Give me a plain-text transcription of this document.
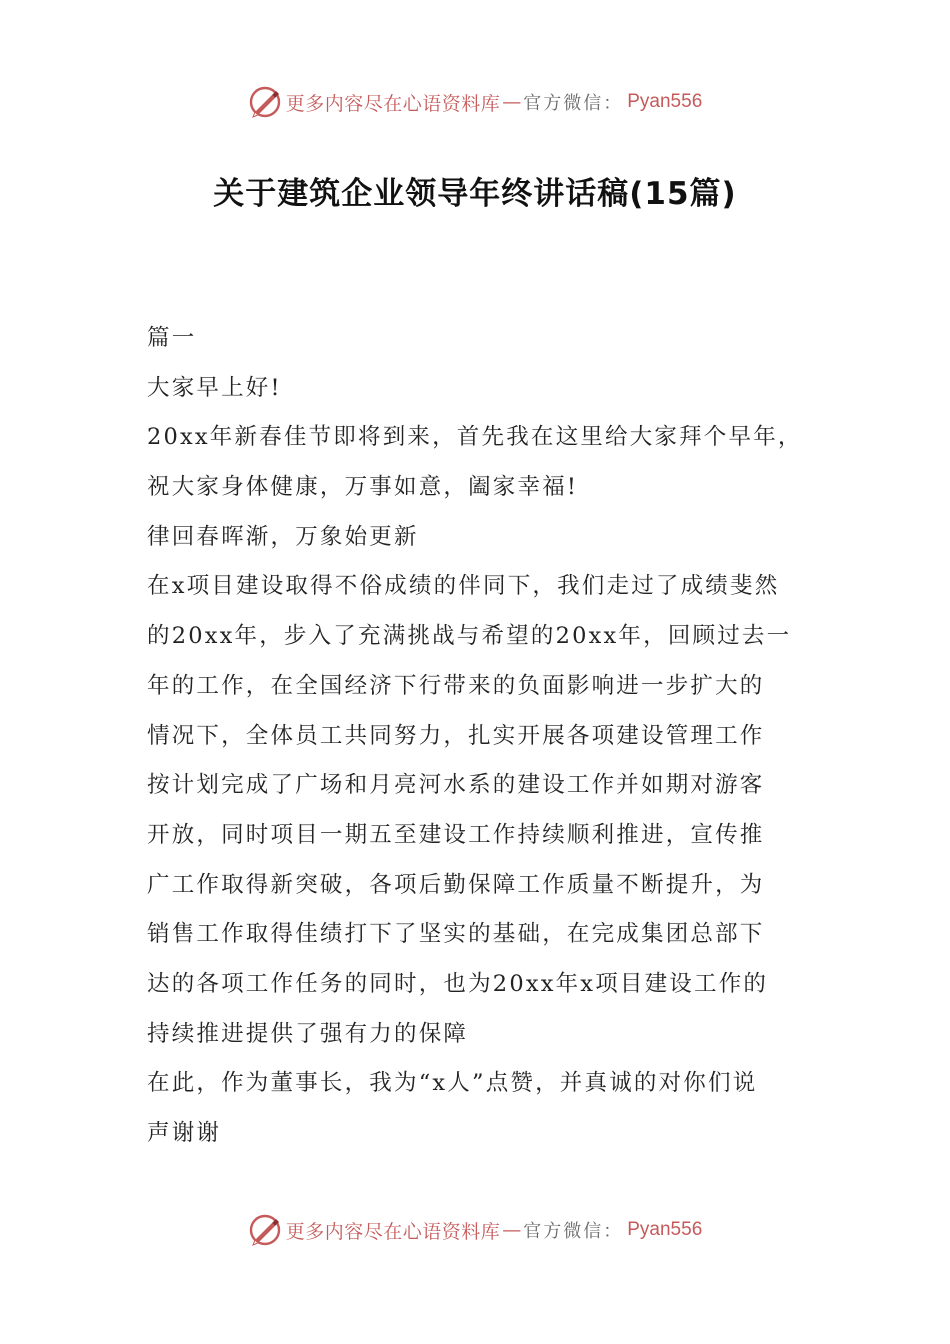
更多内容尽在心语资料库 — 官方微信： Pyan556
关于建筑企业领导年终讲话稿(15篇)
篇一
大家早上好!
20xx年新春佳节即将到来，首先我在这里给大家拜个早年，
祝大家身体健康，万事如意，阖家幸福!
律回春晖渐，万象始更新
在x项目建设取得不俗成绩的伴同下，我们走过了成绩斐然
的20xx年，步入了充满挑战与希望的20xx年，回顾过去一
年的工作，在全国经济下行带来的负面影响进一步扩大的
情况下，全体员工共同努力，扎实开展各项建设管理工作
按计划完成了广场和月亮河水系的建设工作并如期对游客
开放，同时项目一期五至建设工作持续顺利推进，宣传推
广工作取得新突破，各项后勤保障工作质量不断提升，为
销售工作取得佳绩打下了坚实的基础，在完成集团总部下
达的各项工作任务的同时，也为20xx年x项目建设工作的
持续推进提供了强有力的保障
在此，作为董事长，我为“x人”点赞，并真诚的对你们说
声谢谢
更多内容尽在心语资料库 — 官方微信： Pyan556
